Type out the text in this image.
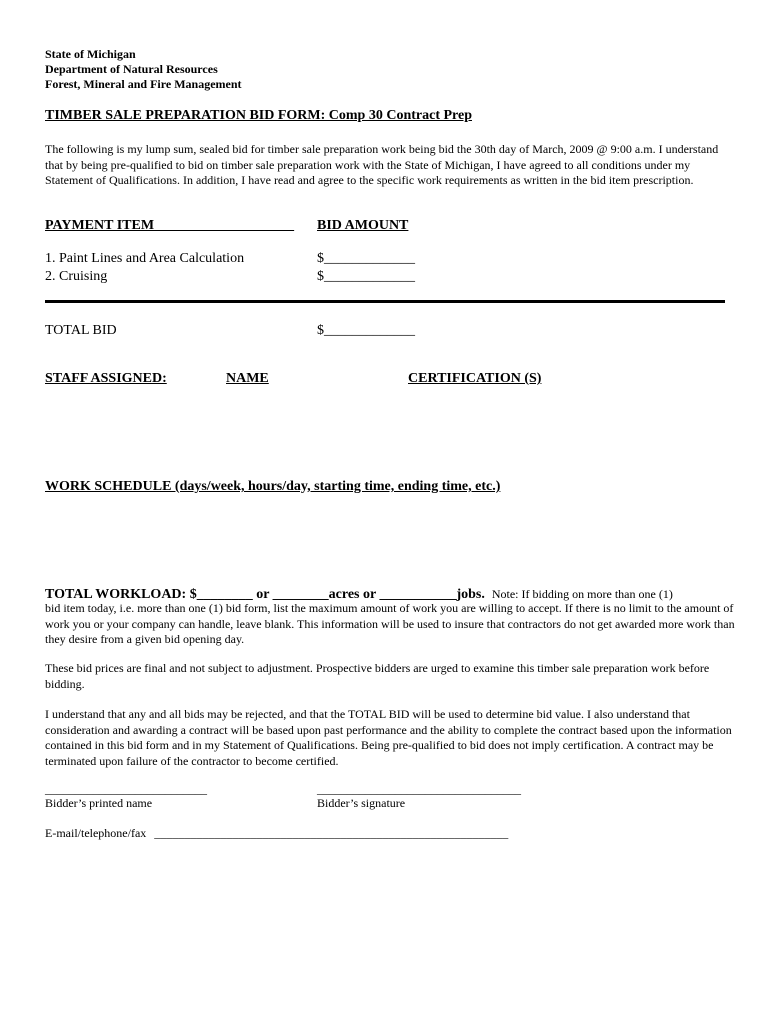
State of Michigan
Department of Natural Resources
Forest, Mineral and Fire Management
TIMBER SALE PREPARATION BID FORM: Comp 30 Contract Prep
The following is my lump sum, sealed bid for timber sale preparation work being bid the 30th day of March, 2009 @ 9:00 a.m. I understand that by being pre-qualified to bid on timber sale preparation work with the State of Michigan, I have agreed to all conditions under my Statement of Qualifications. In addition, I have read and agree to the specific work requirements as written in the bid item prescription.
PAYMENT ITEM____________________ BID AMOUNT
1. Paint Lines and Area Calculation	$_____________
2. Cruising	$_____________
TOTAL BID	$_____________
STAFF ASSIGNED:	NAME	CERTIFICATION (S)
WORK SCHEDULE (days/week, hours/day, starting time, ending time, etc.)
TOTAL WORKLOAD: $________ or ________acres or ___________jobs. Note: If bidding on more than one (1)
bid item today, i.e. more than one (1) bid form, list the maximum amount of work you are willing to accept. If there is no limit to the amount of work you or your company can handle, leave blank. This information will be used to insure that contractors do not get awarded more work than they desire from a given bid opening day.
These bid prices are final and not subject to adjustment. Prospective bidders are urged to examine this timber sale preparation work before bidding.
I understand that any and all bids may be rejected, and that the TOTAL BID will be used to determine bid value. I also understand that consideration and awarding a contract will be based upon past performance and the ability to complete the contract based upon the information contained in this bid form and in my Statement of Qualifications. Being pre-qualified to bid does not imply certification. A contract may be terminated upon failure of the contractor to become certified.
___________________________
Bidder’s printed name
__________________________________
Bidder’s signature
E-mail/telephone/fax ___________________________________________________________
